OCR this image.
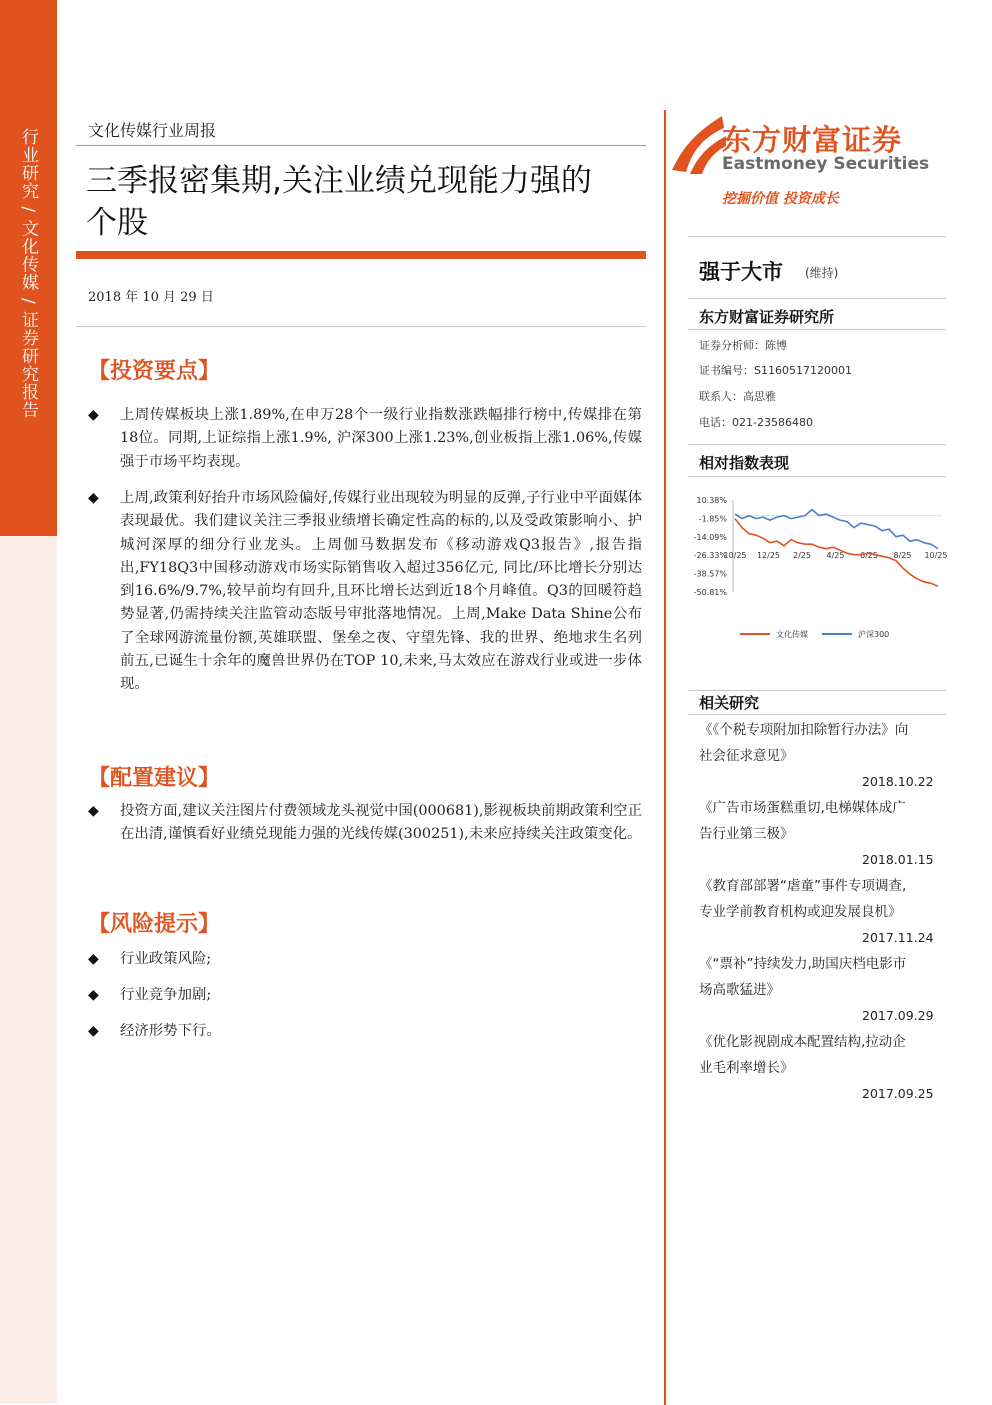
行业研究 / 文化传媒 / 证券研究报告	文化传媒行业周报
三季报密集期,关注业绩兑现能力强的
个股
2018 年 10 月 29 日
东方财富证券
Eastmoney Securities
挖掘价值 投资成长
强于大市 (维持)
东方财富证券研究所
证券分析师：陈博
证书编号：S1160517120001
联系人：高思雅
电话：021-23586480
相对指数表现
10.38%
-1.85%
-14.09%
-26.33%
-38.57%
-50.81%
10/25 12/25 2/25 4/25 6/25 8/25 10/25
文化传媒	沪深300
相关研究
《《个税专项附加扣除暂行办法》向
社会征求意见》
2018.10.22
《广告市场蛋糕重切,电梯媒体成广
告行业第三极》
2018.01.15
《教育部部署“虐童”事件专项调查,
专业学前教育机构或迎发展良机》
2017.11.24
《“票补”持续发力,助国庆档电影市
场高歌猛进》
2017.09.29
《优化影视剧成本配置结构,拉动企
业毛利率增长》
2017.09.25
【投资要点】
◆ 上周传媒板块上涨1.89%,在申万28个一级行业指数涨跌幅排行榜中,传媒排在第18位。同期,上证综指上涨1.9%, 沪深300上涨1.23%,创业板指上涨1.06%,传媒强于市场平均表现。
◆ 上周,政策利好抬升市场风险偏好,传媒行业出现较为明显的反弹,子行业中平面媒体表现最优。我们建议关注三季报业绩增长确定性高的标的,以及受政策影响小、护城河深厚的细分行业龙头。上周伽马数据发布《移动游戏Q3报告》,报告指出,FY18Q3中国移动游戏市场实际销售收入超过356亿元, 同比/环比增长分别达到16.6%/9.7%,较早前均有回升,且环比增长达到近18个月峰值。Q3的回暖符趋势显著,仍需持续关注监管动态版号审批落地情况。上周,Make Data Shine公布了全球网游流量份额,英雄联盟、堡垒之夜、守望先锋、我的世界、绝地求生名列前五,已诞生十余年的魔兽世界仍在TOP 10,未来,马太效应在游戏行业或进一步体现。
【配置建议】
◆ 投资方面,建议关注图片付费领域龙头视觉中国(000681),影视板块前期政策利空正在出清,谨慎看好业绩兑现能力强的光线传媒(300251),未来应持续关注政策变化。
【风险提示】
◆ 行业政策风险;
◆ 行业竞争加剧;
◆ 经济形势下行。
